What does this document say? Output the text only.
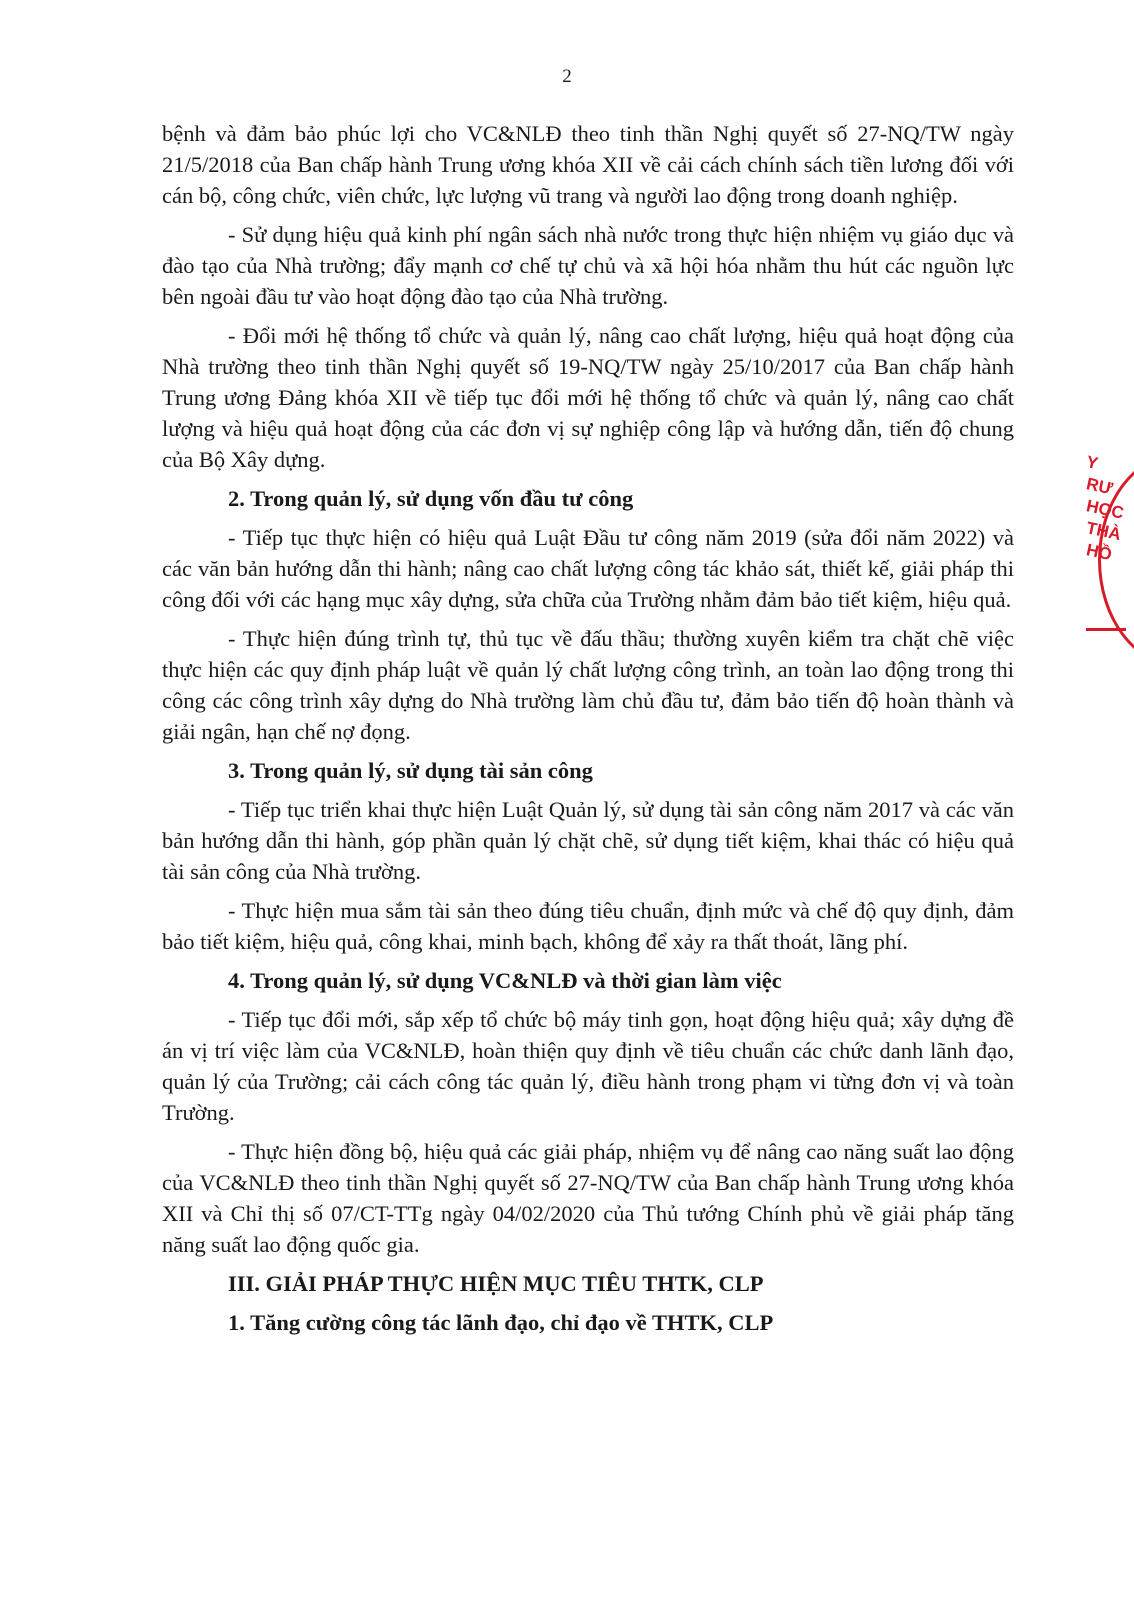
2

bệnh và đảm bảo phúc lợi cho VC&NLĐ theo tinh thần Nghị quyết số 27-NQ/TW ngày 21/5/2018 của Ban chấp hành Trung ương khóa XII về cải cách chính sách tiền lương đối với cán bộ, công chức, viên chức, lực lượng vũ trang và người lao động trong doanh nghiệp.

- Sử dụng hiệu quả kinh phí ngân sách nhà nước trong thực hiện nhiệm vụ giáo dục và đào tạo của Nhà trường; đẩy mạnh cơ chế tự chủ và xã hội hóa nhằm thu hút các nguồn lực bên ngoài đầu tư vào hoạt động đào tạo của Nhà trường.

- Đổi mới hệ thống tổ chức và quản lý, nâng cao chất lượng, hiệu quả hoạt động của Nhà trường theo tinh thần Nghị quyết số 19-NQ/TW ngày 25/10/2017 của Ban chấp hành Trung ương Đảng khóa XII về tiếp tục đổi mới hệ thống tổ chức và quản lý, nâng cao chất lượng và hiệu quả hoạt động của các đơn vị sự nghiệp công lập và hướng dẫn, tiến độ chung của Bộ Xây dựng.

2. Trong quản lý, sử dụng vốn đầu tư công

- Tiếp tục thực hiện có hiệu quả Luật Đầu tư công năm 2019 (sửa đổi năm 2022) và các văn bản hướng dẫn thi hành; nâng cao chất lượng công tác khảo sát, thiết kế, giải pháp thi công đối với các hạng mục xây dựng, sửa chữa của Trường nhằm đảm bảo tiết kiệm, hiệu quả.

- Thực hiện đúng trình tự, thủ tục về đấu thầu; thường xuyên kiểm tra chặt chẽ việc thực hiện các quy định pháp luật về quản lý chất lượng công trình, an toàn lao động trong thi công các công trình xây dựng do Nhà trường làm chủ đầu tư, đảm bảo tiến độ hoàn thành và giải ngân, hạn chế nợ đọng.

3. Trong quản lý, sử dụng tài sản công

- Tiếp tục triển khai thực hiện Luật Quản lý, sử dụng tài sản công năm 2017 và các văn bản hướng dẫn thi hành, góp phần quản lý chặt chẽ, sử dụng tiết kiệm, khai thác có hiệu quả tài sản công của Nhà trường.

- Thực hiện mua sắm tài sản theo đúng tiêu chuẩn, định mức và chế độ quy định, đảm bảo tiết kiệm, hiệu quả, công khai, minh bạch, không để xảy ra thất thoát, lãng phí.

4. Trong quản lý, sử dụng VC&NLĐ và thời gian làm việc

- Tiếp tục đổi mới, sắp xếp tổ chức bộ máy tinh gọn, hoạt động hiệu quả; xây dựng đề án vị trí việc làm của VC&NLĐ, hoàn thiện quy định về tiêu chuẩn các chức danh lãnh đạo, quản lý của Trường; cải cách công tác quản lý, điều hành trong phạm vi từng đơn vị và toàn Trường.

- Thực hiện đồng bộ, hiệu quả các giải pháp, nhiệm vụ để nâng cao năng suất lao động của VC&NLĐ theo tinh thần Nghị quyết số 27-NQ/TW của Ban chấp hành Trung ương khóa XII và Chỉ thị số 07/CT-TTg ngày 04/02/2020 của Thủ tướng Chính phủ về giải pháp tăng năng suất lao động quốc gia.

III. GIẢI PHÁP THỰC HIỆN MỤC TIÊU THTK, CLP

1. Tăng cường công tác lãnh đạo, chỉ đạo về THTK, CLP

Y
RƯ
HỌC
THÀ
HỒ
